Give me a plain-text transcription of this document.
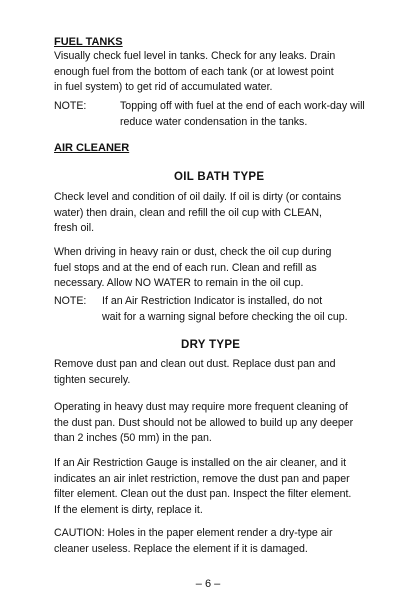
FUEL TANKS
Visually check fuel level in tanks. Check for any leaks. Drain
enough fuel from the bottom of each tank (or at lowest point
in fuel system) to get rid of accumulated water.
NOTE:	Topping off with fuel at the end of each work-day will
reduce water condensation in the tanks.
AIR CLEANER
OIL BATH TYPE
Check level and condition of oil daily. If oil is dirty (or contains
water) then drain, clean and refill the oil cup with CLEAN,
fresh oil.
When driving in heavy rain or dust, check the oil cup during
fuel stops and at the end of each run. Clean and refill as
necessary. Allow NO WATER to remain in the oil cup.
NOTE: If an Air Restriction Indicator is installed, do not
wait for a warning signal before checking the oil cup.
DRY TYPE
Remove dust pan and clean out dust. Replace dust pan and
tighten securely.
Operating in heavy dust may require more frequent cleaning of
the dust pan. Dust should not be allowed to build up any deeper
than 2 inches (50 mm) in the pan.
If an Air Restriction Gauge is installed on the air cleaner, and it
indicates an air inlet restriction, remove the dust pan and paper
filter element. Clean out the dust pan. Inspect the filter element.
If the element is dirty, replace it.
CAUTION: Holes in the paper element render a dry-type air
cleaner useless. Replace the element if it is damaged.
– 6 –
